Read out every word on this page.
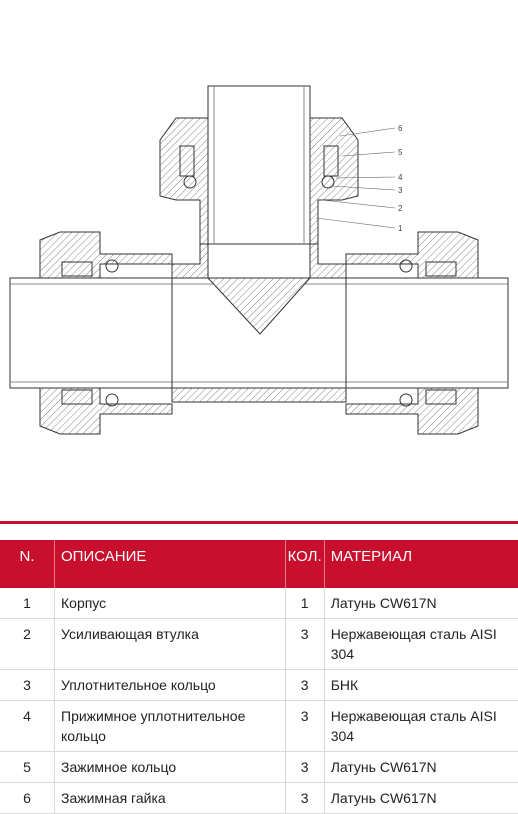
6
5
4
3
2
1
N.	ОПИСАНИЕ	КОЛ.	МАТЕРИАЛ
1	Корпус	1	Латунь CW617N
2	Усиливающая втулка	3	Нержавеющая сталь AISI 304
3	Уплотнительное кольцо	3	БНК
4	Прижимное уплотнительное кольцо	3	Нержавеющая сталь AISI 304
5	Зажимное кольцо	3	Латунь CW617N
6	Зажимная гайка	3	Латунь CW617N
